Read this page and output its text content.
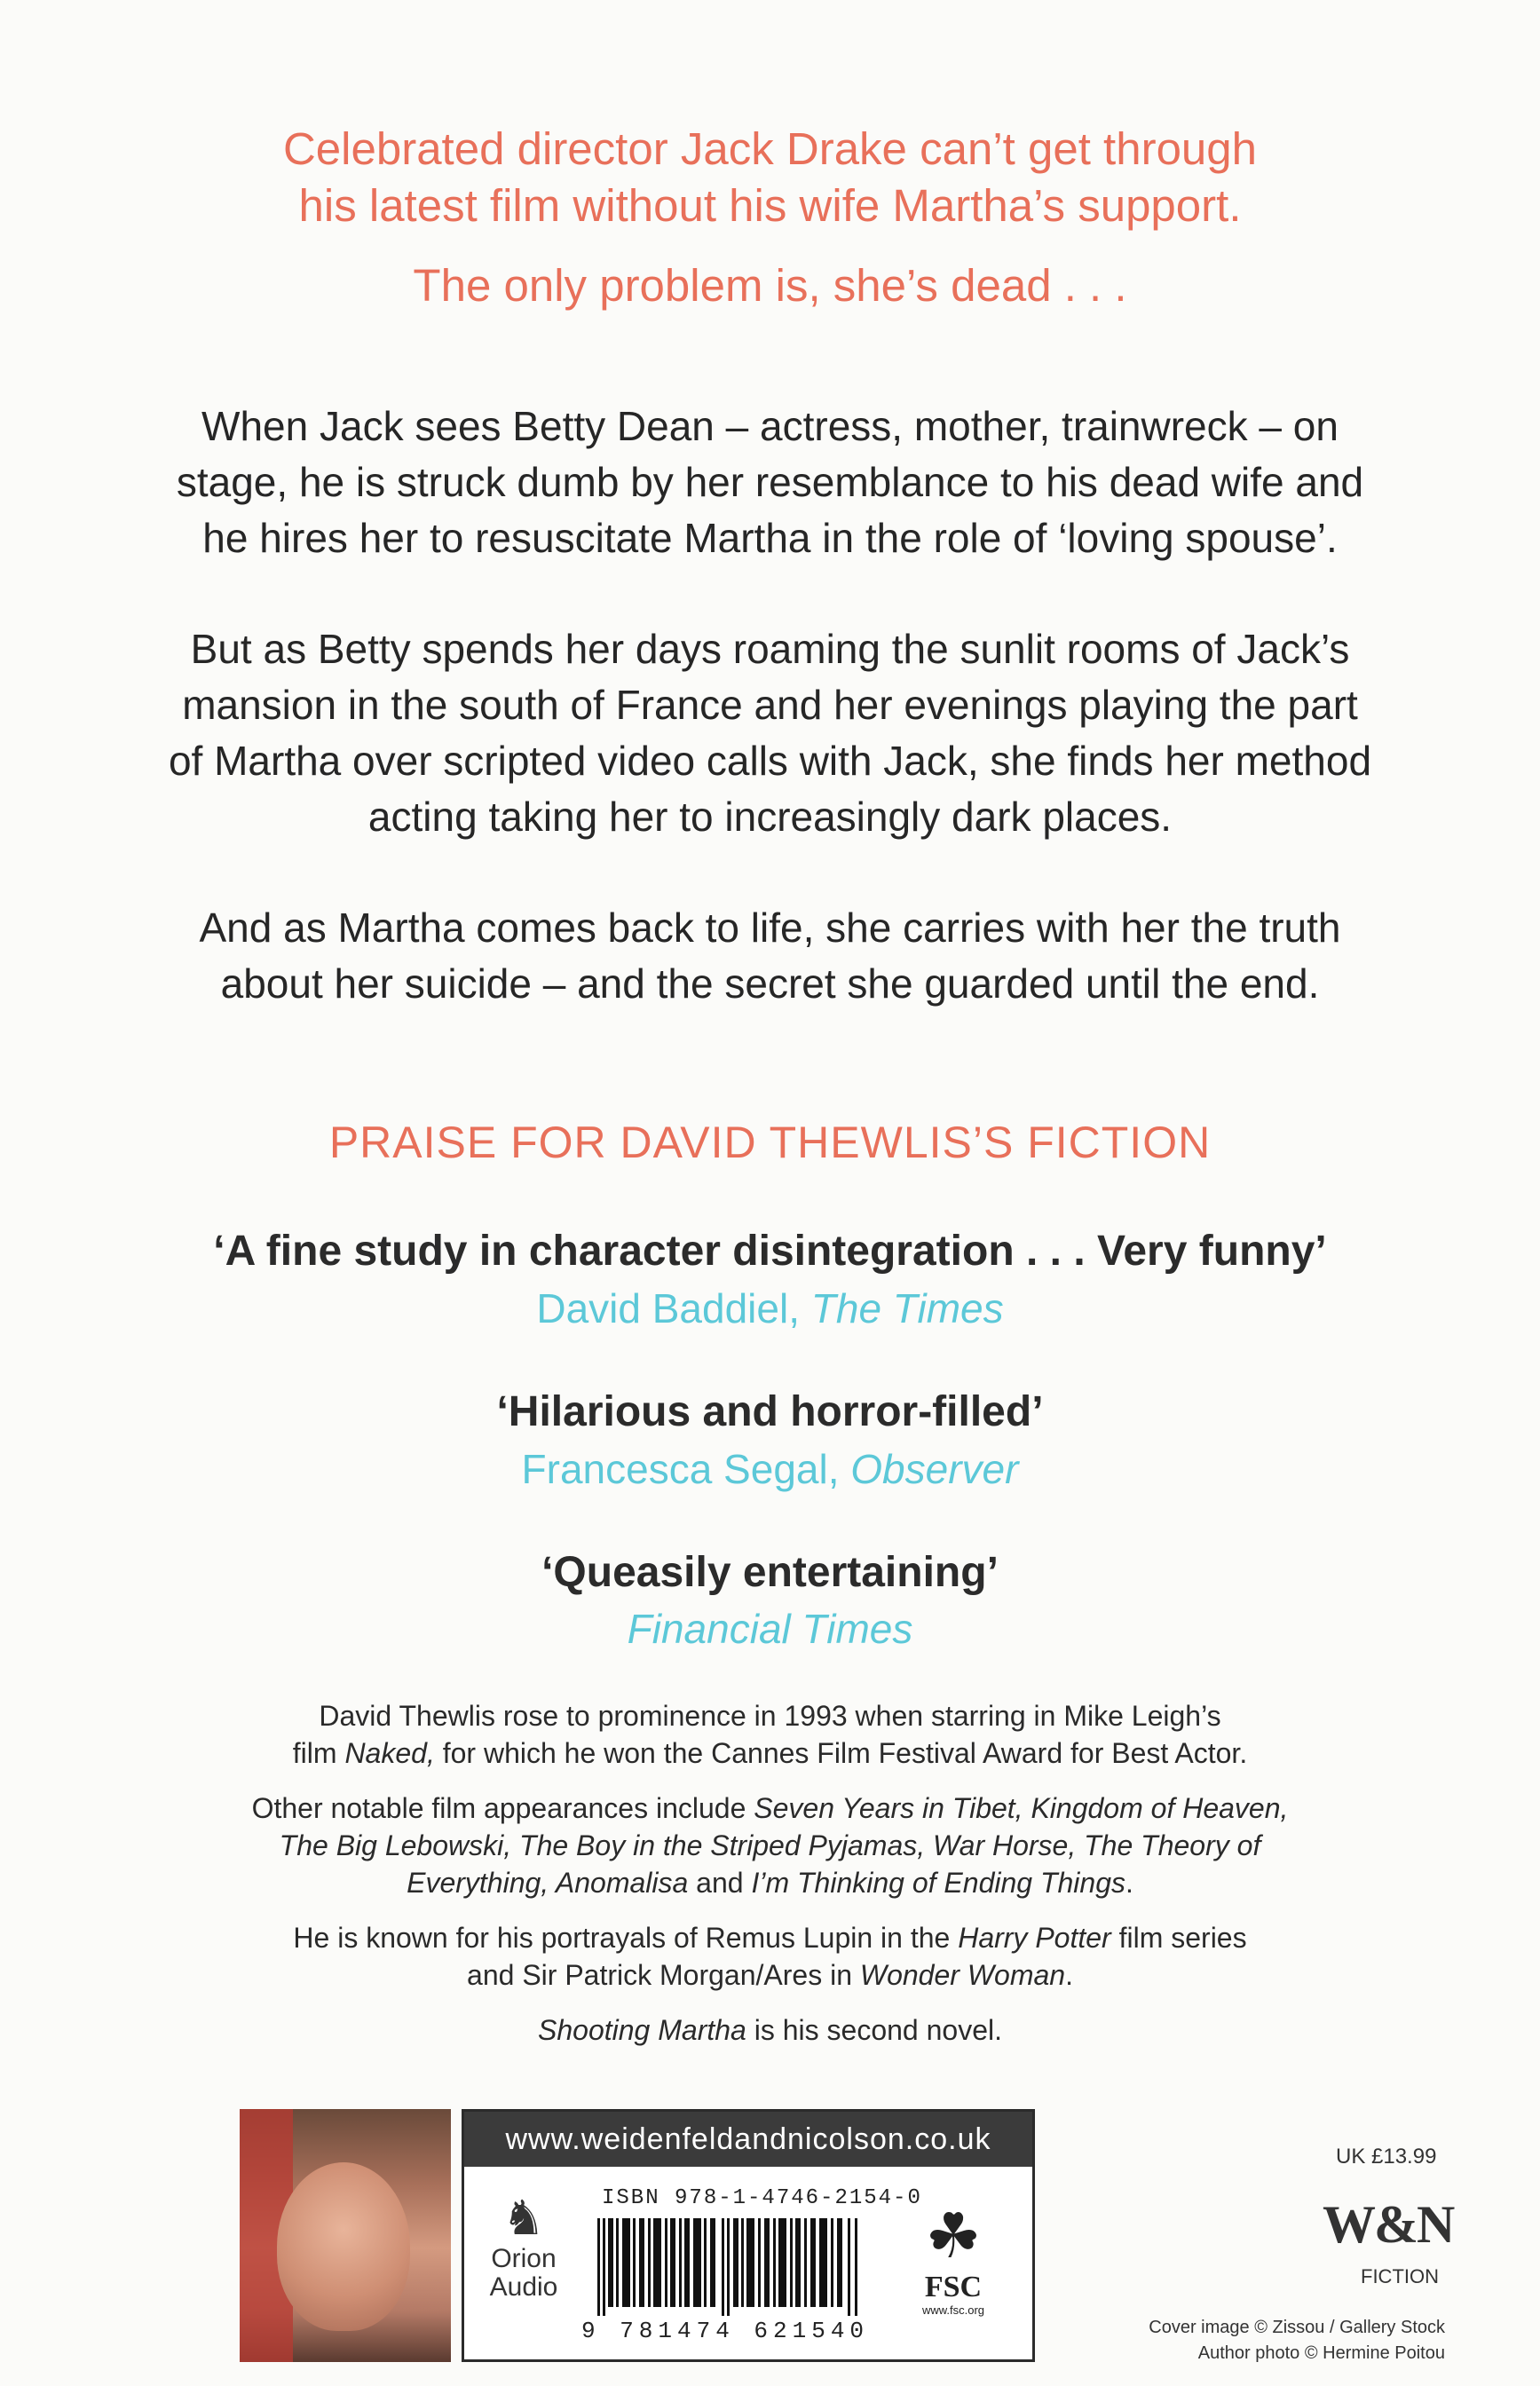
Celebrated director Jack Drake can’t get through
his latest film without his wife Martha’s support.
The only problem is, she’s dead . . .
When Jack sees Betty Dean – actress, mother, trainwreck – on
stage, he is struck dumb by her resemblance to his dead wife and
he hires her to resuscitate Martha in the role of ‘loving spouse’.
But as Betty spends her days roaming the sunlit rooms of Jack’s
mansion in the south of France and her evenings playing the part
of Martha over scripted video calls with Jack, she finds her method
acting taking her to increasingly dark places.
And as Martha comes back to life, she carries with her the truth
about her suicide – and the secret she guarded until the end.
PRAISE FOR DAVID THEWLIS’S FICTION
‘A fine study in character disintegration . . . Very funny’
David Baddiel, The Times
‘Hilarious and horror-filled’
Francesca Segal, Observer
‘Queasily entertaining’
Financial Times
David Thewlis rose to prominence in 1993 when starring in Mike Leigh’s
film Naked, for which he won the Cannes Film Festival Award for Best Actor.
Other notable film appearances include Seven Years in Tibet, Kingdom of Heaven,
The Big Lebowski, The Boy in the Striped Pyjamas, War Horse, The Theory of
Everything, Anomalisa and I’m Thinking of Ending Things.
He is known for his portrayals of Remus Lupin in the Harry Potter film series
and Sir Patrick Morgan/Ares in Wonder Woman.
Shooting Martha is his second novel.
www.weidenfeldandnicolson.co.uk
♞
Orion
Audio
ISBN 978-1-4746-2154-0
9 781474 621540
☘
FSC
www.fsc.org
UK £13.99
W&N
FICTION
Cover image © Zissou / Gallery Stock
Author photo © Hermine Poitou
